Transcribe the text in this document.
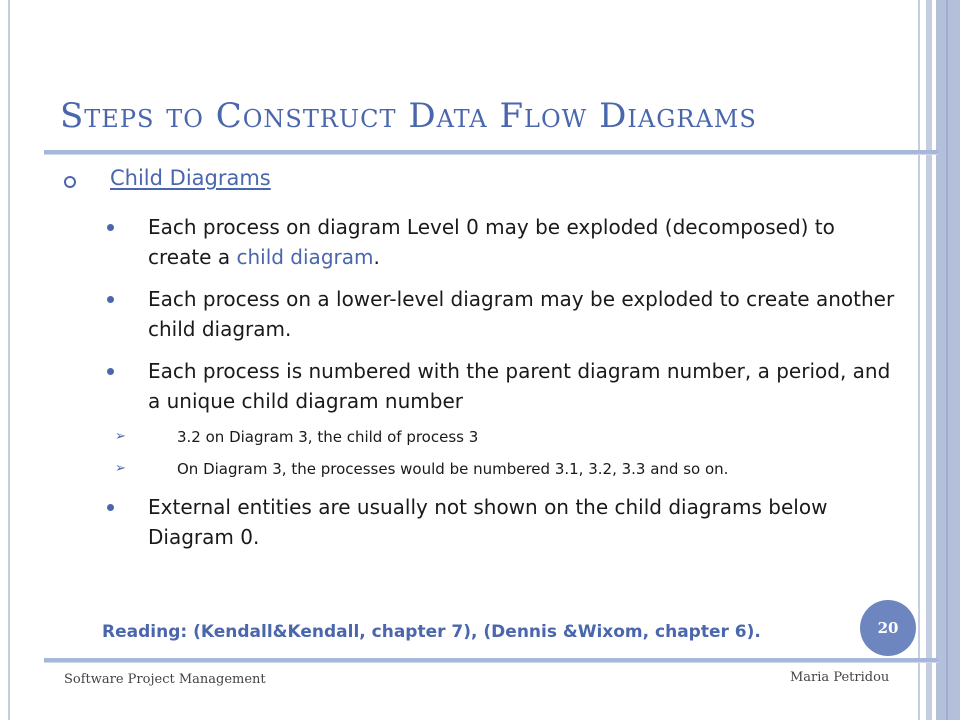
Steps to Construct Data Flow Diagrams
Child Diagrams
Each process on diagram Level 0 may be exploded (decomposed) to create a child diagram.
Each process on a lower-level diagram may be exploded to create another child diagram.
Each process is numbered with the parent diagram number, a period, and a unique child diagram number
➢	3.2 on Diagram 3, the child of process 3
➢	On Diagram 3, the processes would be numbered 3.1, 3.2, 3.3 and so on.
External entities are usually not shown on the child diagrams below Diagram 0.
Reading: (Kendall&Kendall, chapter 7), (Dennis &Wixom, chapter 6).	20
Software Project Management	Maria Petridou
